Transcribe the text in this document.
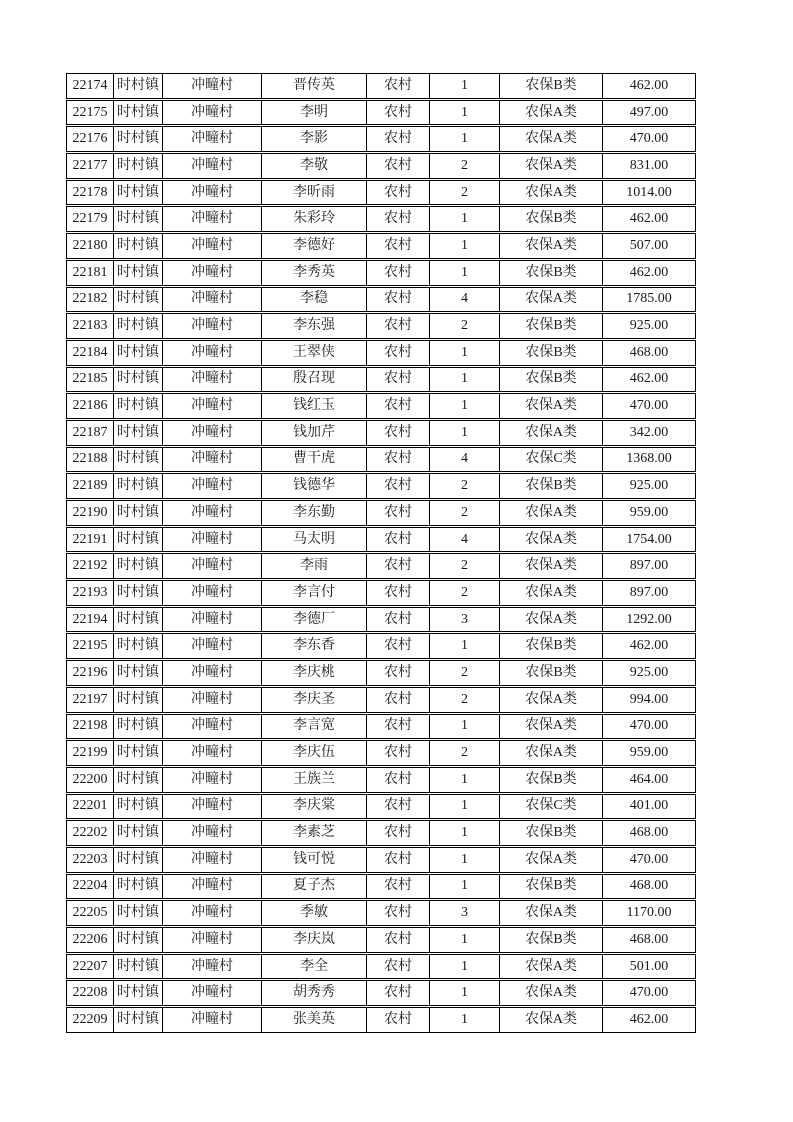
22174 时村镇	冲疃村	晋传英	农村	1	农保B类	462.00
22175 时村镇	冲疃村	李明	农村	1	农保A类	497.00
22176 时村镇	冲疃村	李影	农村	1	农保A类	470.00
22177 时村镇	冲疃村	李敬	农村	2	农保A类	831.00
22178 时村镇	冲疃村	李昕雨	农村	2	农保A类	1014.00
22179 时村镇	冲疃村	朱彩玲	农村	1	农保B类	462.00
22180 时村镇	冲疃村	李德好	农村	1	农保A类	507.00
22181 时村镇	冲疃村	李秀英	农村	1	农保B类	462.00
22182 时村镇	冲疃村	李稳	农村	4	农保A类	1785.00
22183 时村镇	冲疃村	李东强	农村	2	农保B类	925.00
22184 时村镇	冲疃村	王翠侠	农村	1	农保B类	468.00
22185 时村镇	冲疃村	殷召现	农村	1	农保B类	462.00
22186 时村镇	冲疃村	钱红玉	农村	1	农保A类	470.00
22187 时村镇	冲疃村	钱加芹	农村	1	农保A类	342.00
22188 时村镇	冲疃村	曹干虎	农村	4	农保C类	1368.00
22189 时村镇	冲疃村	钱德华	农村	2	农保B类	925.00
22190 时村镇	冲疃村	李东勤	农村	2	农保A类	959.00
22191 时村镇	冲疃村	马太明	农村	4	农保A类	1754.00
22192 时村镇	冲疃村	李雨	农村	2	农保A类	897.00
22193 时村镇	冲疃村	李言付	农村	2	农保A类	897.00
22194 时村镇	冲疃村	李德厂	农村	3	农保A类	1292.00
22195 时村镇	冲疃村	李东香	农村	1	农保B类	462.00
22196 时村镇	冲疃村	李庆桃	农村	2	农保B类	925.00
22197 时村镇	冲疃村	李庆圣	农村	2	农保A类	994.00
22198 时村镇	冲疃村	李言宽	农村	1	农保A类	470.00
22199 时村镇	冲疃村	李庆伍	农村	2	农保A类	959.00
22200 时村镇	冲疃村	王族兰	农村	1	农保B类	464.00
22201 时村镇	冲疃村	李庆棠	农村	1	农保C类	401.00
22202 时村镇	冲疃村	李素芝	农村	1	农保B类	468.00
22203 时村镇	冲疃村	钱可悦	农村	1	农保A类	470.00
22204 时村镇	冲疃村	夏子杰	农村	1	农保B类	468.00
22205 时村镇	冲疃村	季敏	农村	3	农保A类	1170.00
22206 时村镇	冲疃村	李庆岚	农村	1	农保B类	468.00
22207 时村镇	冲疃村	李全	农村	1	农保A类	501.00
22208 时村镇	冲疃村	胡秀秀	农村	1	农保A类	470.00
22209 时村镇	冲疃村	张美英	农村	1	农保A类	462.00
